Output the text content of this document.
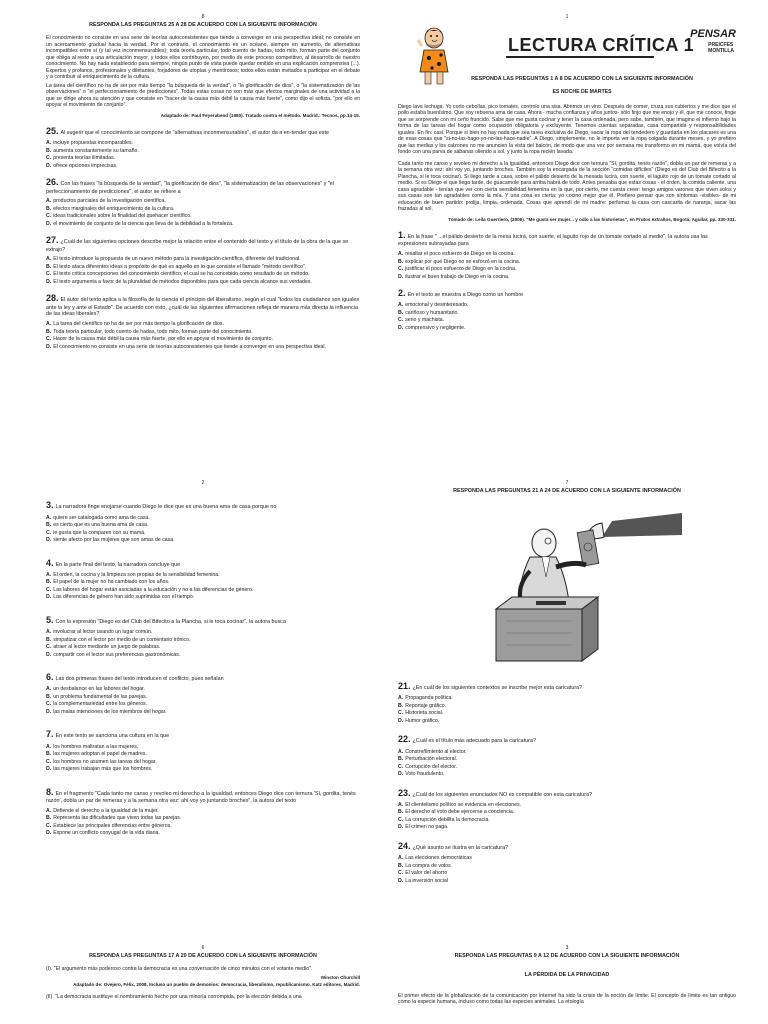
8
RESPONDA LAS PREGUNTAS 25 A 28 DE ACUERDO CON LA SIGUIENTE INFORMACIÓN

El conocimiento no consiste en una serie de teorías autoconsistentes que tiende a converger en una perspectiva ideal; no consiste en un acercamiento gradual hacia la verdad. Por el contrario, el conocimiento es un océano, siempre en aumento, de alternativas incompatibles entre sí (y tal vez inconmensurables); toda teoría particular, todo cuento de hadas, todo mito, forman parte del conjunto que obliga al resto a una articulación mayor, y todos ellos contribuyen, por medio de este proceso competitivo, al desarrollo de nuestro conocimiento. No hay nada establecido para siempre, ningún punto de vista puede quedar omitido en una explicación comprensiva (...). Expertos y profanos, profesionales y diletantes, forjadores de utopías y mentirosos; todos ellos están invitados a participar en el debate y a contribuir al enriquecimiento de la cultura.

La tarea del científico no ha de ser por más tiempo "la búsqueda de la verdad", o "la glorificación de dios", o "la sistematización de las observaciones" o "el perfeccionamiento de predicciones". Todas estas cosas no son más que efectos marginales de una actividad a la que se dirige ahora su atención y que consiste en "hacer de la causa más débil la causa más fuerte", como dijo el sofista, "por ello en apoyar el movimiento de conjunto".

Adaptado de: Paul Feyerabend (1980). Tratado contra el método. Madrid.: Tecnos, pp.14-15.
25. Al sugerir que el conocimiento se compone de "alternativas inconmensurables", el autor da a en-tender que este
A. incluye propuestas incomparables.
B. aumenta constantemente su tamaño.
C. presenta teorías ilimitadas.
D. ofrece opciones imprecisas.
26. Con las frases "la búsqueda de la verdad", "la glorificación de dios", "la sistematización de las observaciones" y "el perfeccionamiento de predicciones", el autor se refiere a
A. productos parciales de la investigación científica.
B. efectos marginales del enriquecimiento de la cultura.
C. ideas tradicionales sobre la finalidad del quehacer científico.
D. el movimiento de conjunto de la ciencia que lleva de la debilidad a la fortaleza.
27. ¿Cuál de las siguientes opciones describe mejor la relación entre el contenido del texto y el título de la obra de la que se extrajo?
A. El texto introduce la propuesta de un nuevo método para la investigación científica, diferente del tradicional.
B. El texto ataca diferentes ideas a propósito de qué es aquello en lo que consiste el llamado "método científico".
C. El texto critica concepciones del conocimiento científico, el cual se ha concebido como resultado de un método.
D. El texto argumenta a favor de la pluralidad de métodos disponibles para que cada ciencia alcance sus verdades.
28. El autor del texto aplica a la filosofía de la ciencia el principio del liberalismo, según el cual "todos los ciudadanos son iguales ante la ley y ante el Estado". De acuerdo con esto, ¿cuál de las siguientes afirmaciones refleja de manera más directa la influencia de las ideas liberales?
A. La tarea del científico no ha de ser por más tiempo la glorificación de dios.
B. Toda teoría particular, todo cuento de hadas, todo mito, forman parte del conocimiento.
C. Hacer de la causa más débil la causa más fuerte, por ello en apoyar el movimiento de conjunto.
D. El conocimiento no consiste en una serie de teorías autoconsistentes que tiende a converger en una perspectiva ideal.
1
LECTURA CRÍTICA 1
PENSAR
PREICFES
MONTILLA
RESPONDA LAS PREGUNTAS 1 A 8 DE ACUERDO CON LA SIGUIENTE INFORMACIÓN
ES NOCHE DE MARTES

Diego lava lechuga. Yo corto cebollas, pico tomates, controlo una sisa. Abrimos un vino. Después de comer, cruza sus cubiertos y me dice que el pollo estaba buenísimo. Que soy rebuena ama de casa. Ahora - mucha confianza y años juntos- sólo finjo que me enojo y él, que me conoce, finge que se sorprende con mi ceño fruncido. Sabe que me gusta cocinar y tener la casa ordenada, pero sabe, también, que imagino el infierno bajo la forma de las tareas del hogar como ocupación obligatoria y excluyente. Tenemos cuentas separadas, casa compartida y responsabilidades iguales. En fin: casi. Porque si bien no hay nada que sea tarea exclusiva de Diego, sacar la ropa del tendedero y guardarla en los placares es una de esas cosas que "si-no-las-hago-yo-no-las-hace-nadie". A Diego, simplemente, no le importa ver la ropa colgada durante meses, y yo prefiero que las medias y los calzones no me anuncien la vista del balcón, de modo que una vez por semana me transformo en mi mamá, que volvía del fondo con una parva de sábanas oliendo a sol, y junto la ropa recién lavada.

Cada tanto me canso y revoleo mi derecho a la igualdad, entonces Diego dice con ternura "Sí, gordita, tenés razón", dobla un par de remeras y a la semana otra vez: ahí voy yo, juntando broches. También soy la encargada de la sección "comidas difíciles" (Diego es del Club del Bifecito a la Plancha, si le toca cocinar). Si llego tarde a casa, sobre el pálido desierto de la mesada lucirá, con suerte, el laguito rojo de un tomate cortado al medio. Si es Diego el que llega tarde, de guacamole para arriba habrá de todo. Antes pensaba que estas cosas - el orden, la comida caliente, una casa agradable - tenían que ver con cierta sensibilidad femenina en la que, por cierto, me cuesta creer: tengo amigos varones que viven solos y sus casas son tan agradables como la mía. Y una cosa es cierta: yo cocino mejor que él. Prefiero pensar que son síntomas -visibles- de mi educación de buen partido: prolija, limpia, ordenada. Cosas que aprendí de mi madre: perfumar la casa con cascarita de naranja, sacar las frazadas al sol.

Tomado de: Leila Guerriero, (2009). "Me gusta ser mujer... y odio a las historietas", en Frutos extraños, Bogotá, Aguilar, pp. 330-331.
1. En la frase " ...el pálido desierto de la mesa lucirá, con suerte, el laguito rojo de un tomate cortado al medio", la autora usa las expresiones subrayadas para
A. resaltar el poco esfuerzo de Diego en la cocina.
B. explicar por qué Diego no se esforzó en la cocina.
C. justificar el poco esfuerzo de Diego en la cocina.
D. ilustrar el buen trabajo de Diego en la cocina.
2. En el texto se muestra a Diego como un hombre
A. emocional y desinteresado.
B. cariñoso y humanitario.
C. serio y machista.
D. comprensivo y negligente.
2
3. La narradora finge enojarse cuando Diego le dice que es una buena ama de casa porque no
A. quiere ser catalogada como ama de casa.
B. es cierto que es una buena ama de casa.
C. le gusta que la comparen con su mamá.
D. siente afecto por las mujeres que son amas de casa.
4. En la parte final del texto, la narradora concluye que
A. El orden, la cocina y la limpieza son propias de la sensibilidad femenina.
B. El papel de la mujer no ha cambiado con los años.
C. Las labores del hogar están asociadas a la educación y no a las diferencias de género.
D. Las diferencias de género han sido suprimidas con el tiempo.
5. Con la expresión "Diego es del Club del Bifecito a la Plancha, si le toca cocinar", la autora busca
A. involucrar al lector usando un lugar común.
B. simpatizar con el lector por medio de un comentario irónico.
C. atraer al lector mediante un juego de palabras.
D. compartir con el lector sus preferencias gastronómicas.
6. Las dos primeras frases del texto introducen el conflicto, pues señalan
A. un desbalance en las labores del hogar.
B. un problema fundamental de las parejas.
C. la complementariedad entre los géneros.
D. las malas intenciones de los miembros del hogar.
7. En este texto se sanciona una cultura en la que
A. los hombres maltratan a las mujeres.
B. las mujeres adoptan el papel de madres.
C. los hombres no asumen las tareas del hogar.
D. las mujeres trabajan más que los hombres.
8. En el fragmento "Cada tanto me canso y revoleo mi derecho a la igualdad, entonces Diego dice con ternura 'Sí, gordita, tenés razón', dobla un par de remeras y a la semana otra vez: ahí voy yo juntando broches", la autora del texto
A. Defiende el derecho a la igualdad de la mujer.
B. Representa las dificultades que viven todas las parejas.
C. Establece las principales diferencias entre géneros.
D. Expone un conflicto conyugal de la vida diaria.
7
RESPONDA LAS PREGUNTAS 21 A 24 DE ACUERDO CON LA SIGUIENTE INFORMACIÓN
21. ¿En cuál de los siguientes contextos se inscribe mejor esta caricatura?
A. Propaganda política.
B. Reportaje gráfico.
C. Historieta social.
D. Humor gráfico.
22. ¿Cuál es el título más adecuado para la caricatura?
A. Constreñimiento al elector.
B. Perturbación electoral.
C. Corrupción del elector.
D. Voto fraudulento.
23. ¿Cuál de los siguientes enunciados NO es compatible con esta caricatura?
A. El clientelismo político se evidencia en elecciones.
B. El derecho al voto debe ejercerse a conciencia.
C. La corrupción debilita la democracia.
D. El crimen no paga.
24. ¿Qué asunto se ilustra en la caricatura?
A. Las elecciones democráticas
B. La compra de votos
C. El valor del ahorro
D. La inversión social
6
RESPONDA LAS PREGUNTAS 17 A 20 DE ACUERDO CON LA SIGUIENTE INFORMACIÓN

(I). "El argumento más poderoso contra la democracia es una conversación de cinco minutos con el votante medio".

Winston Churchill
Adaptado de: Ovejero, Félix, 2008, Incluso un pueblo de demonios: democracia, liberalismo, republicanismo. Katz editores, Madrid.

(II). "La democracia sustituye el nombramiento hecho por una minoría corrompida, por la elección debida a una

3
RESPONDA LAS PREGUNTAS 9 A 12 DE ACUERDO CON LA SIGUIENTE INFORMACIÓN
LA PÉRDIDA DE LA PRIVACIDAD

El primer efecto de la globalización de la comunicación por internet ha sido la crisis de la noción de límite. El concepto de límite es tan antiguo como la especie humana, incluso como todas las especies animales. La etología
